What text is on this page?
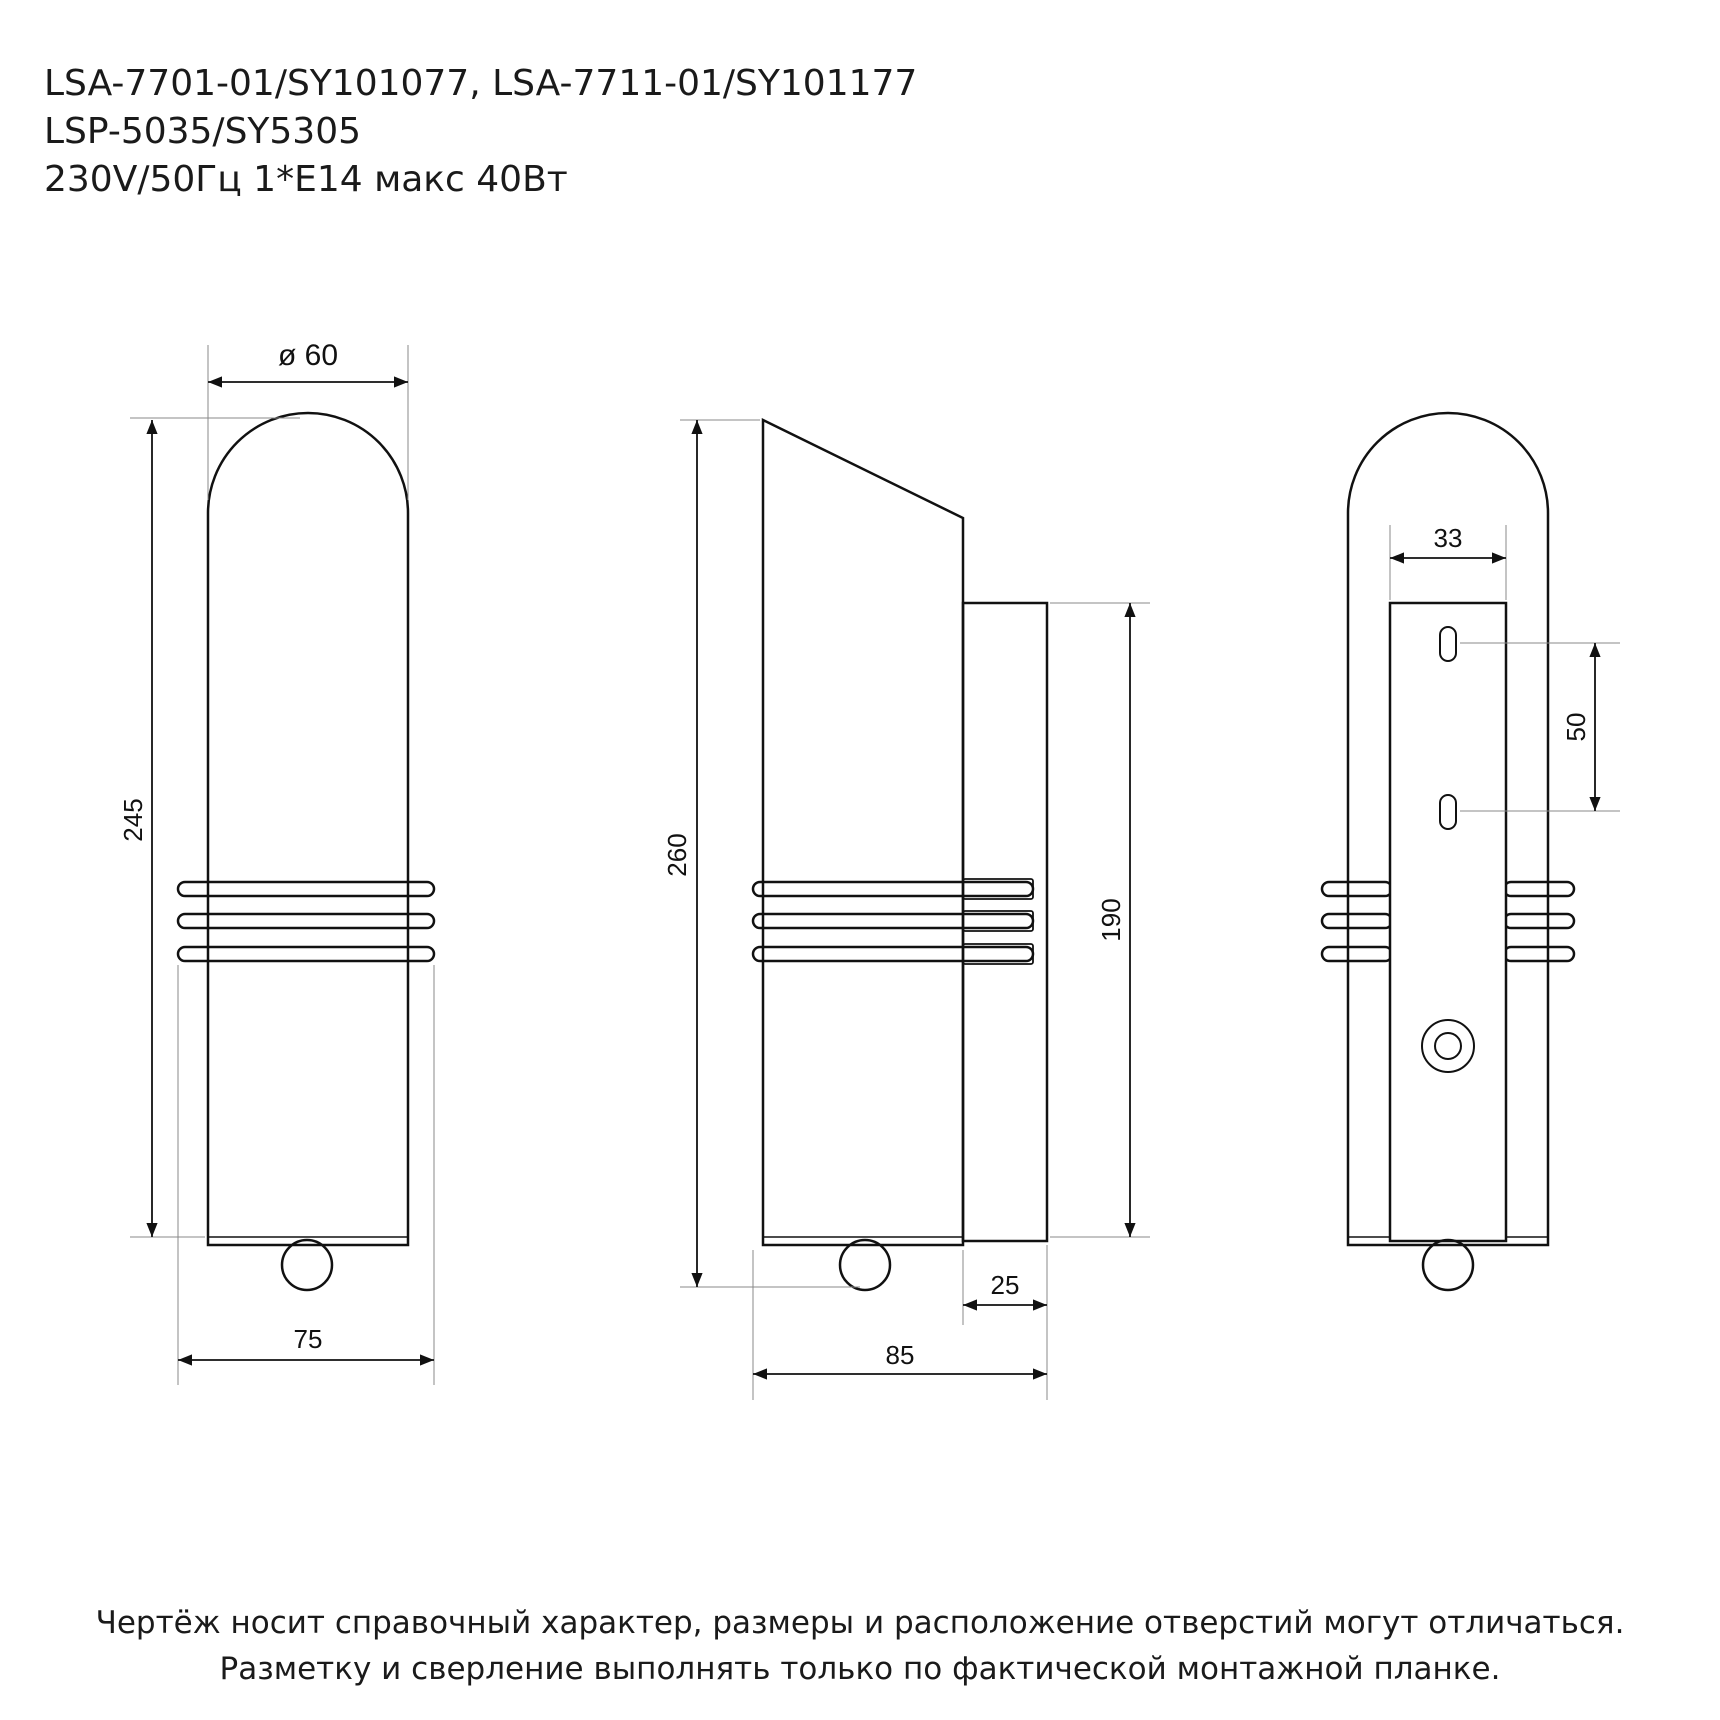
LSA-7701-01/SY101077, LSA-7711-01/SY101177
LSP-5035/SY5305
230V/50Гц 1*E14 макс 40Вт
ø 60
245
75
260
190
25
85
33
50
Чертёж носит справочный характер, размеры и расположение отверстий могут отличаться.
Разметку и сверление выполнять только по фактической монтажной планке.
